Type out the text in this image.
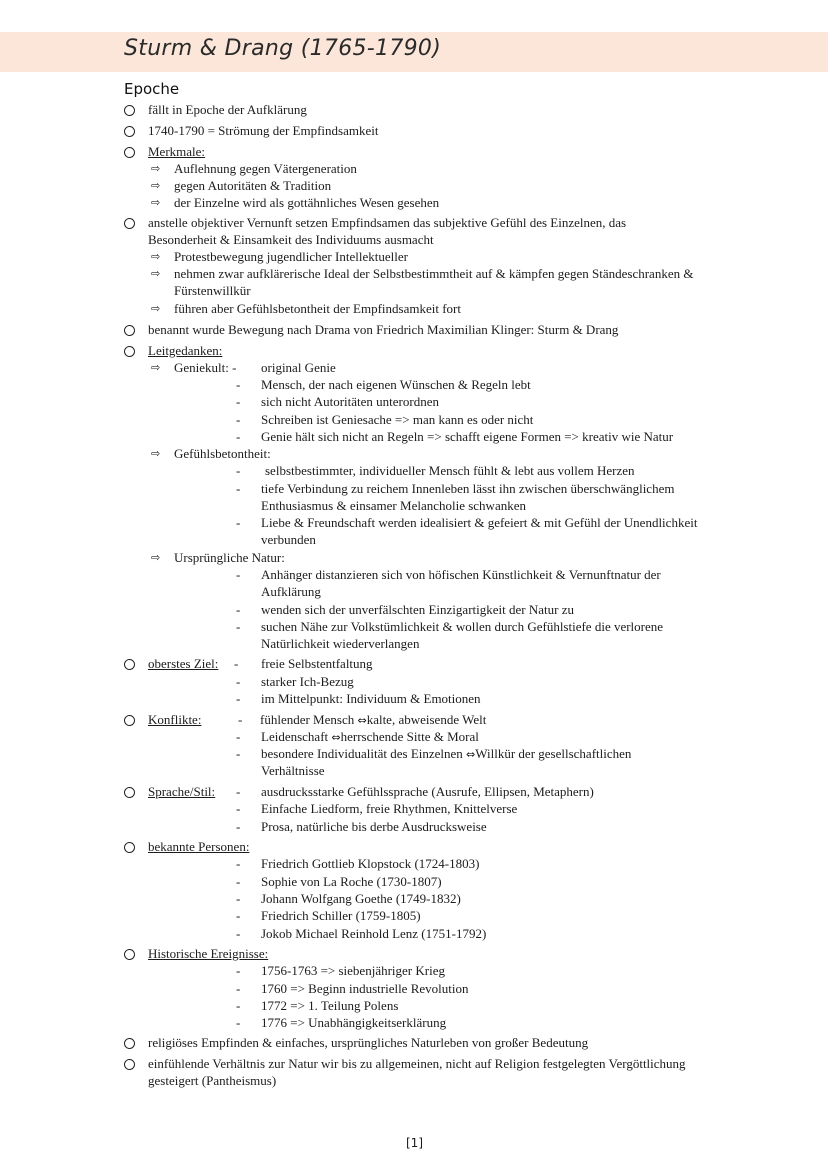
Sturm & Drang (1765-1790)
Epoche
fällt in Epoche der Aufklärung
1740-1790 = Strömung der Empfindsamkeit
Merkmale:
⇨ Auflehnung gegen Vätergeneration
⇨ gegen Autoritäten & Tradition
⇨ der Einzelne wird als gottähnliches Wesen gesehen
anstelle objektiver Vernunft setzen Empfindsamen das subjektive Gefühl des Einzelnen, das
Besonderheit & Einsamkeit des Individuums ausmacht
⇨ Protestbewegung jugendlicher Intellektueller
⇨ nehmen zwar aufklärerische Ideal der Selbstbestimmtheit auf & kämpfen gegen Ständeschranken &
Fürstenwillkür
⇨ führen aber Gefühlsbetontheit der Empfindsamkeit fort
benannt wurde Bewegung nach Drama von Friedrich Maximilian Klinger: Sturm & Drang
Leitgedanken:
⇨ Geniekult: - original Genie
- Mensch, der nach eigenen Wünschen & Regeln lebt
- sich nicht Autoritäten unterordnen
- Schreiben ist Geniesache => man kann es oder nicht
- Genie hält sich nicht an Regeln => schafft eigene Formen => kreativ wie Natur
⇨ Gefühlsbetontheit:
- selbstbestimmter, individueller Mensch fühlt & lebt aus vollem Herzen
- tiefe Verbindung zu reichem Innenleben lässt ihn zwischen überschwänglichem
Enthusiasmus & einsamer Melancholie schwanken
- Liebe & Freundschaft werden idealisiert & gefeiert & mit Gefühl der Unendlichkeit
verbunden
⇨ Ursprüngliche Natur:
- Anhänger distanzieren sich von höfischen Künstlichkeit & Vernunftnatur der
Aufklärung
- wenden sich der unverfälschten Einzigartigkeit der Natur zu
- suchen Nähe zur Volkstümlichkeit & wollen durch Gefühlstiefe die verlorene
Natürlichkeit wiederverlangen
oberstes Ziel: - freie Selbstentfaltung
- starker Ich-Bezug
- im Mittelpunkt: Individuum & Emotionen
Konflikte:	- fühlender Mensch ⇔kalte, abweisende Welt
- Leidenschaft ⇔herrschende Sitte & Moral
- besondere Individualität des Einzelnen ⇔Willkür der gesellschaftlichen
Verhältnisse
Sprache/Stil: - ausdrucksstarke Gefühlssprache (Ausrufe, Ellipsen, Metaphern)
- Einfache Liedform, freie Rhythmen, Knittelverse
- Prosa, natürliche bis derbe Ausdrucksweise
bekannte Personen:
- Friedrich Gottlieb Klopstock (1724-1803)
- Sophie von La Roche (1730-1807)
- Johann Wolfgang Goethe (1749-1832)
- Friedrich Schiller (1759-1805)
- Jokob Michael Reinhold Lenz (1751-1792)
Historische Ereignisse:
- 1756-1763 => siebenjähriger Krieg
- 1760 => Beginn industrielle Revolution
- 1772 => 1. Teilung Polens
- 1776 => Unabhängigkeitserklärung
religiöses Empfinden & einfaches, ursprüngliches Naturleben von großer Bedeutung
einfühlende Verhältnis zur Natur wir bis zu allgemeinen, nicht auf Religion festgelegten Vergöttlichung
gesteigert (Pantheismus)
[1]
